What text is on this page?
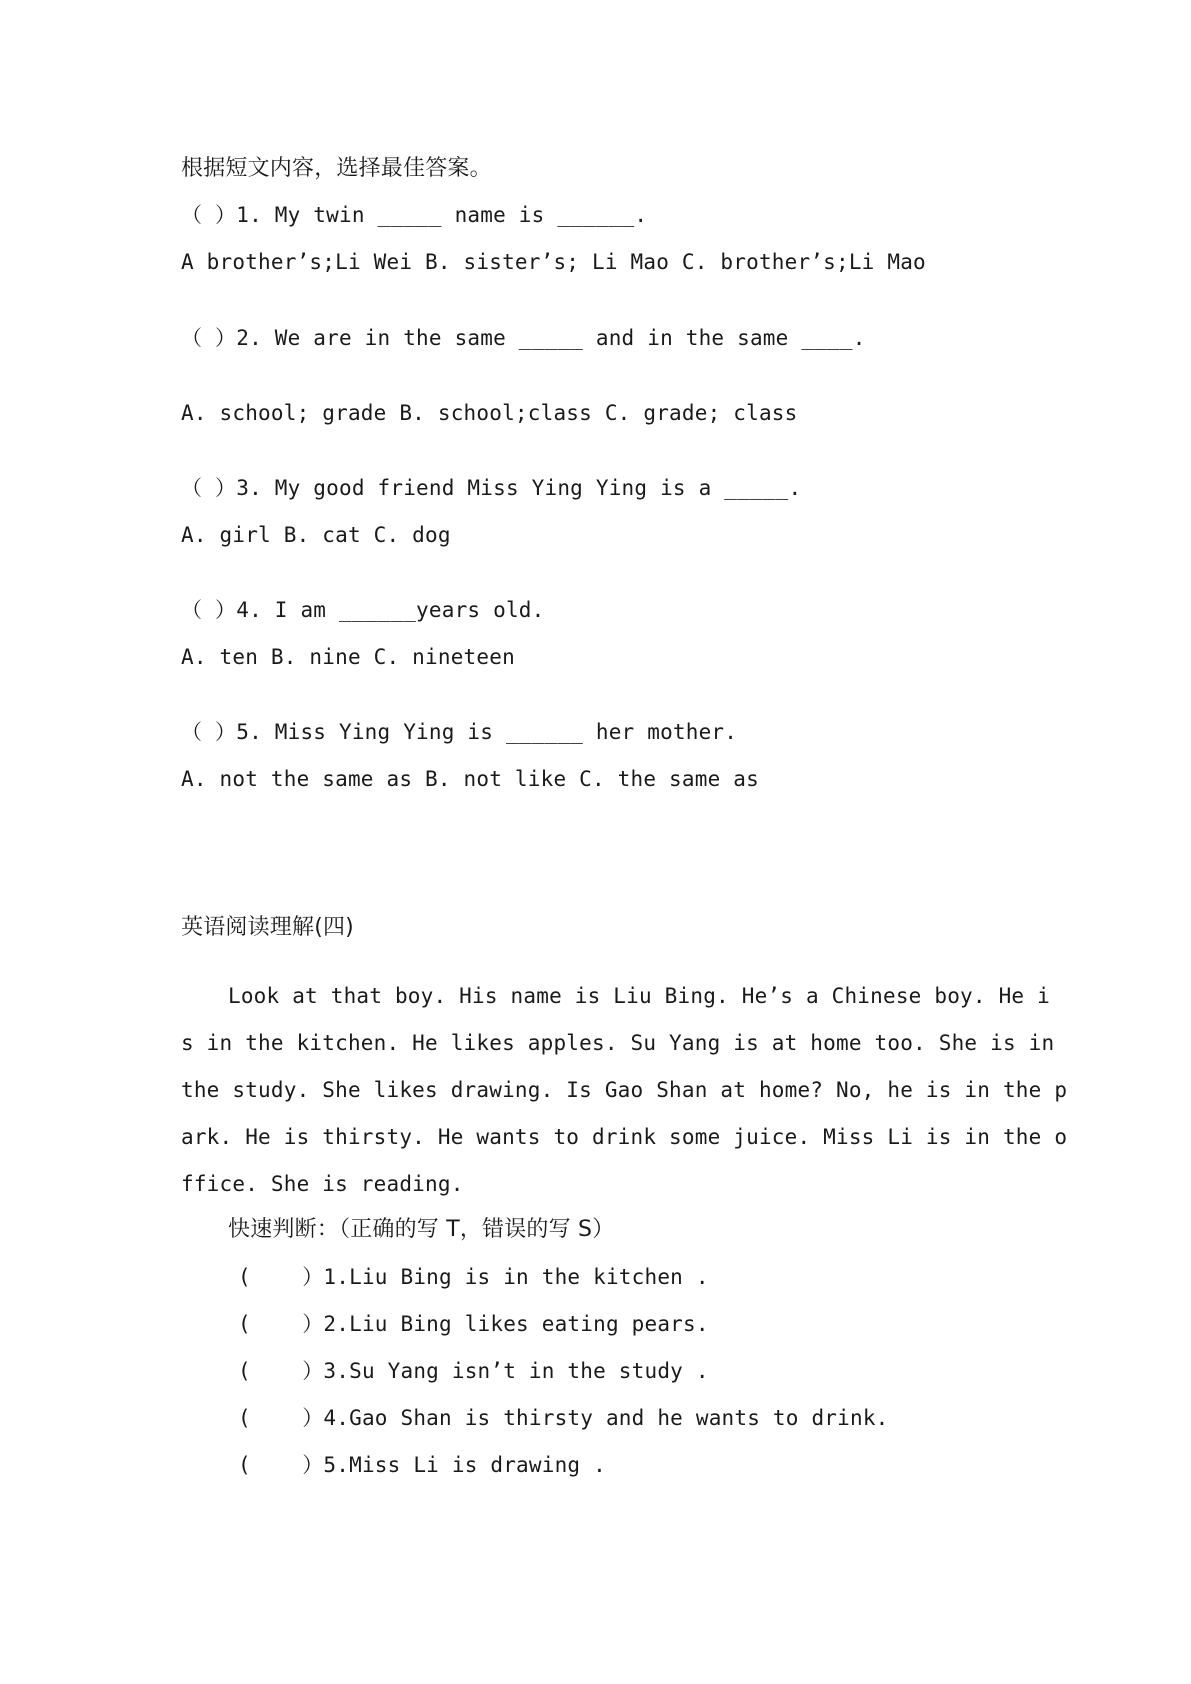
根据短文内容，选择最佳答案。
（ ）1. My twin _____ name is ______.
A brother’s;Li Wei B. sister’s; Li Mao C. brother’s;Li Mao
（ ）2. We are in the same _____ and in the same ____.
A. school; grade B. school;class C. grade; class
（ ）3. My good friend Miss Ying Ying is a _____.
A. girl B. cat C. dog
（ ）4. I am ______years old.
A. ten B. nine C. nineteen
（ ）5. Miss Ying Ying is ______ her mother.
A. not the same as B. not like C. the same as
英语阅读理解(四)
Look at that boy. His name is Liu Bing. He’s a Chinese boy. He i
s in the kitchen. He likes apples. Su Yang is at home too. She is in
the study. She likes drawing. Is Gao Shan at home? No, he is in the p
ark. He is thirsty. He wants to drink some juice. Miss Li is in the o
ffice. She is reading.
快速判断：（正确的写 T，错误的写 S）
(    ）1.Liu Bing is in the kitchen .
(    ）2.Liu Bing likes eating pears.
(    ）3.Su Yang isn’t in the study .
(    ）4.Gao Shan is thirsty and he wants to drink.
(    ）5.Miss Li is drawing .
